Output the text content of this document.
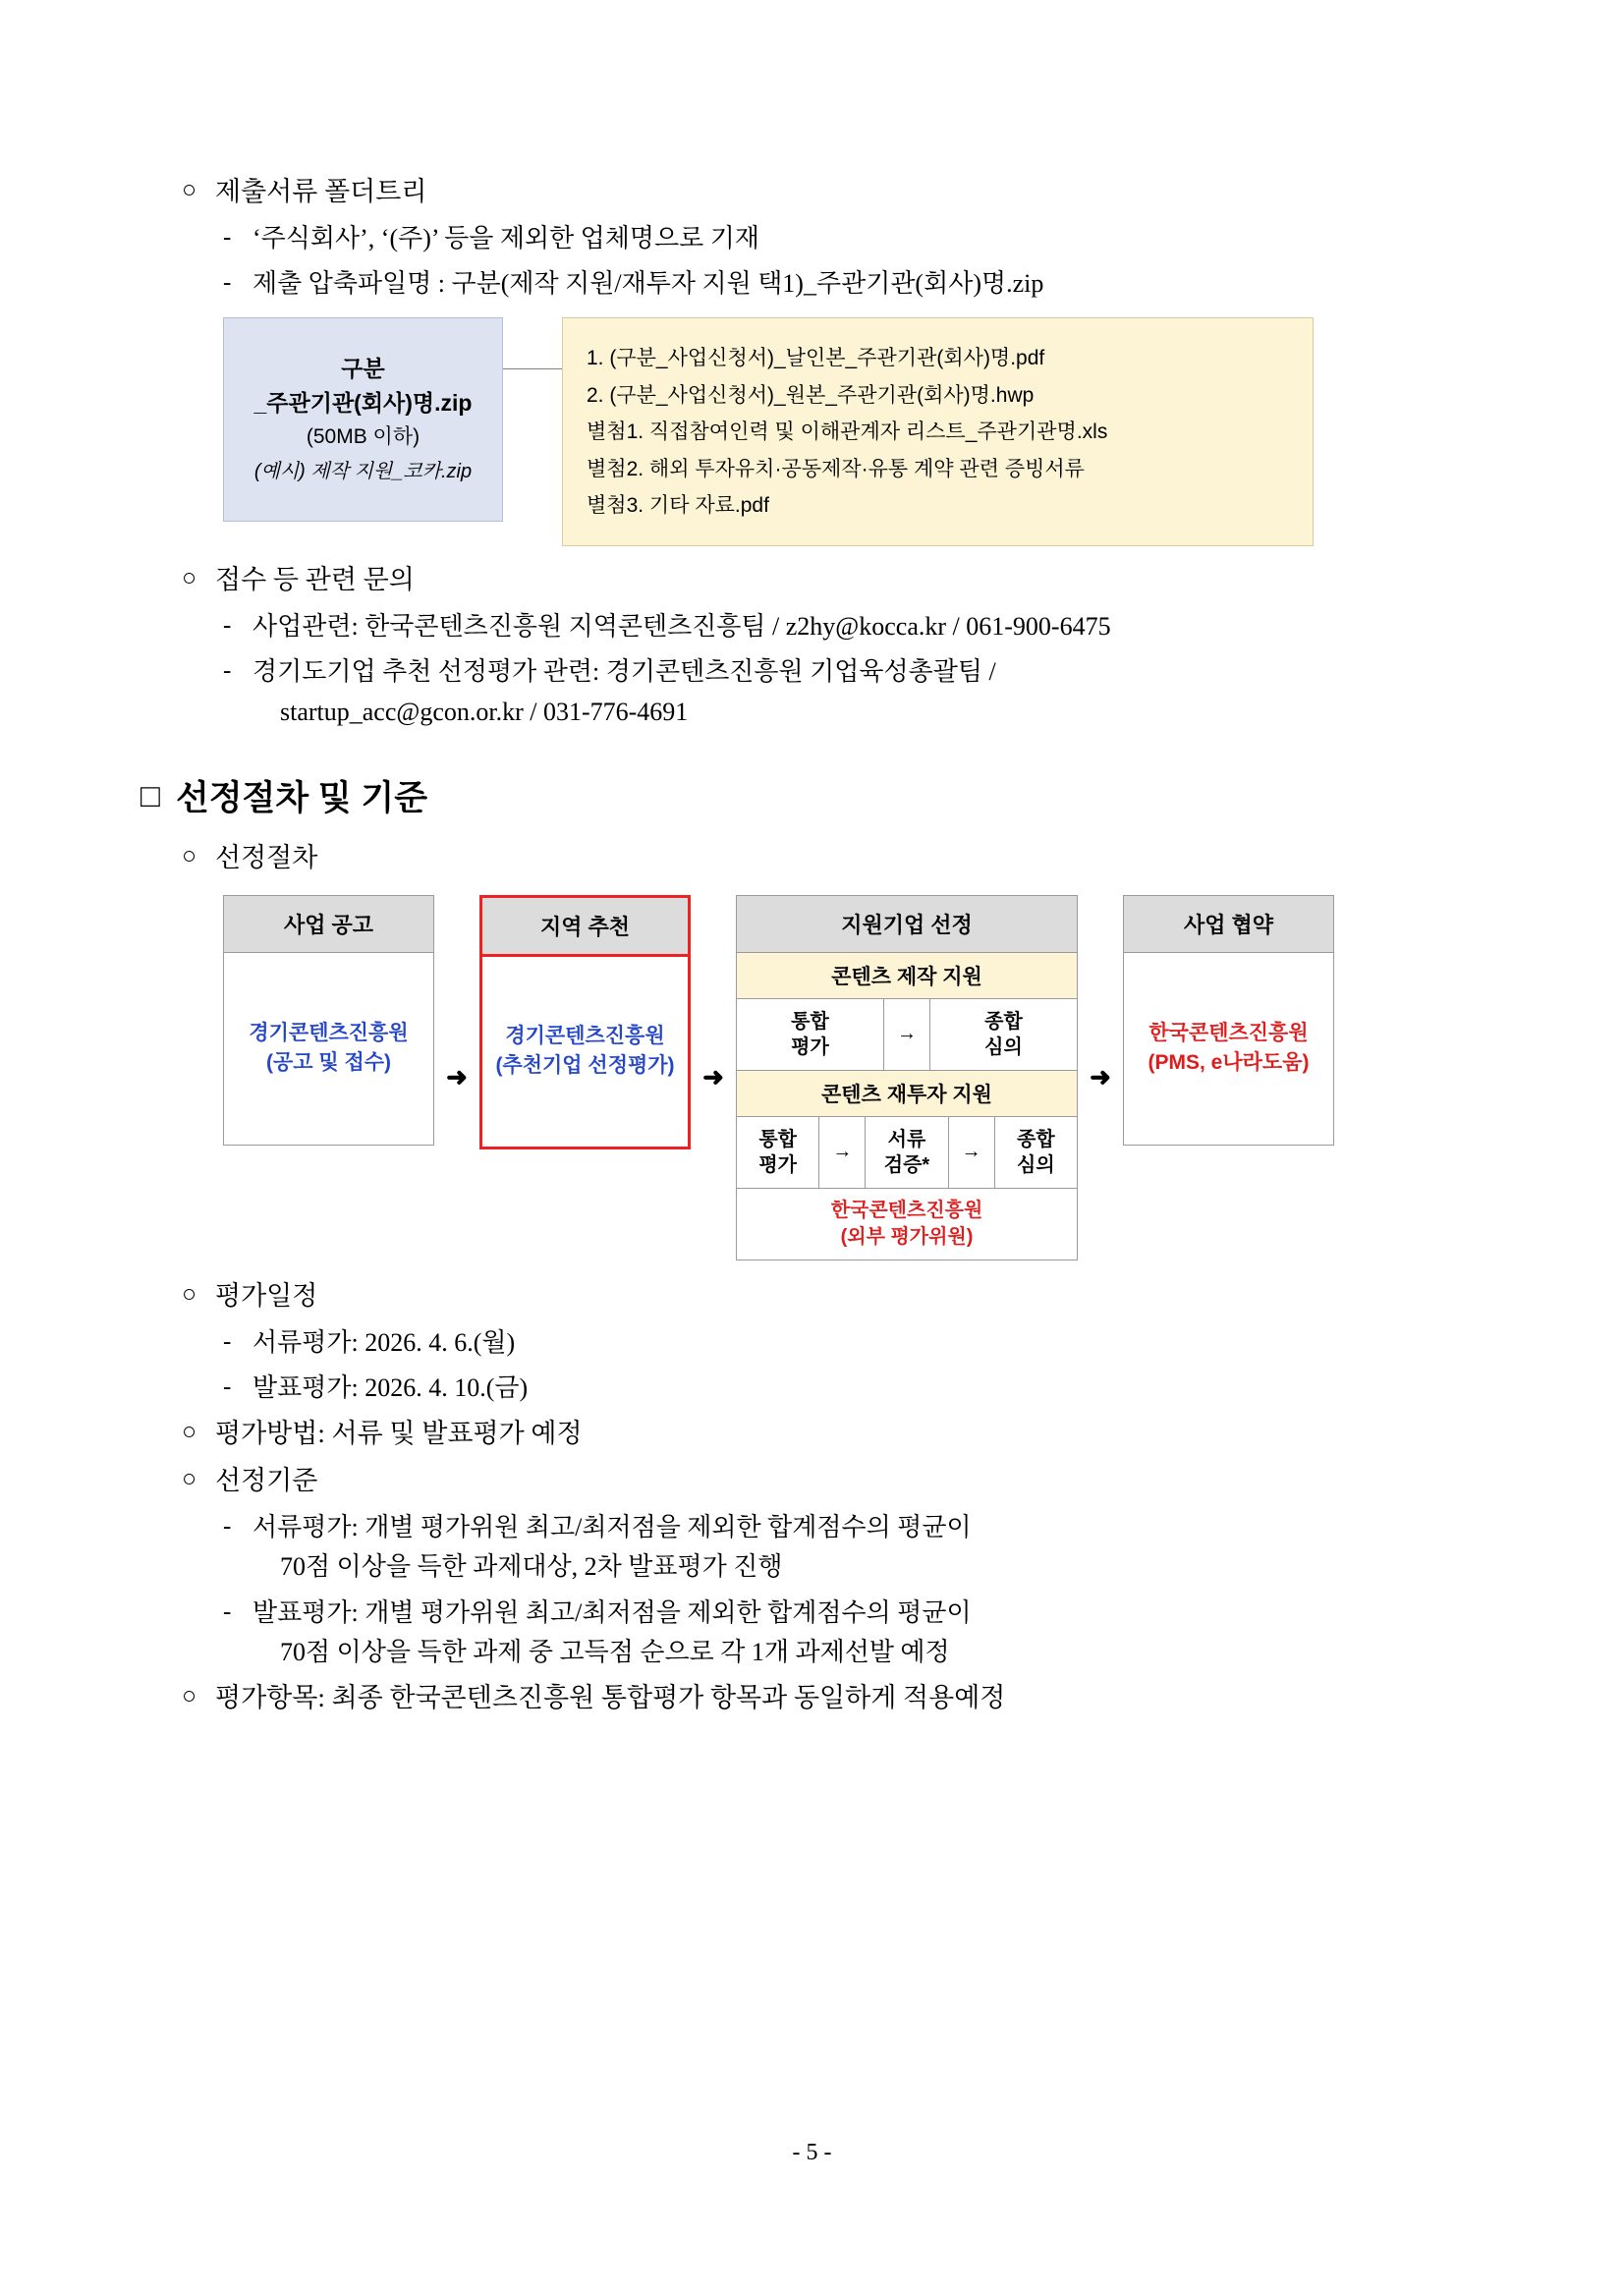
○ 제출서류 폴더트리
- ‘주식회사’, ‘(주)’ 등을 제외한 업체명으로 기재
- 제출 압축파일명 : 구분(제작 지원/재투자 지원 택1)_주관기관(회사)명.zip
구분
_주관기관(회사)명.zip
(50MB 이하)
(예시) 제작 지원_코카.zip
1. (구분_사업신청서)_날인본_주관기관(회사)명.pdf
2. (구분_사업신청서)_원본_주관기관(회사)명.hwp
별첨1. 직접참여인력 및 이해관계자 리스트_주관기관명.xls
별첨2. 해외 투자유치·공동제작·유통 계약 관련 증빙서류
별첨3. 기타 자료.pdf
○ 접수 등 관련 문의
- 사업관련: 한국콘텐츠진흥원 지역콘텐츠진흥팀 / z2hy@kocca.kr / 061-900-6475
- 경기도기업 추천 선정평가 관련: 경기콘텐츠진흥원 기업육성총괄팀 /
startup_acc@gcon.or.kr / 031-776-4691
□ 선정절차 및 기준
○ 선정절차
사업 공고
경기콘텐츠진흥원
(공고 및 접수)	➜
지역 추천
경기콘텐츠진흥원
(추천기업 선정평가)	➜
지원기업 선정
콘텐츠 제작 지원
통합
평가
→
종합
심의
콘텐츠 재투자 지원
통합
평가
→
서류
검증*
→
종합
심의
한국콘텐츠진흥원
(외부 평가위원)
➜
사업 협약
한국콘텐츠진흥원
(PMS, e나라도움)
○ 평가일정
- 서류평가: 2026. 4. 6.(월)
- 발표평가: 2026. 4. 10.(금)
○ 평가방법: 서류 및 발표평가 예정
○ 선정기준
- 서류평가: 개별 평가위원 최고/최저점을 제외한 합계점수의 평균이
70점 이상을 득한 과제대상, 2차 발표평가 진행
- 발표평가: 개별 평가위원 최고/최저점을 제외한 합계점수의 평균이
70점 이상을 득한 과제 중 고득점 순으로 각 1개 과제선발 예정
○ 평가항목: 최종 한국콘텐츠진흥원 통합평가 항목과 동일하게 적용예정
- 5 -
